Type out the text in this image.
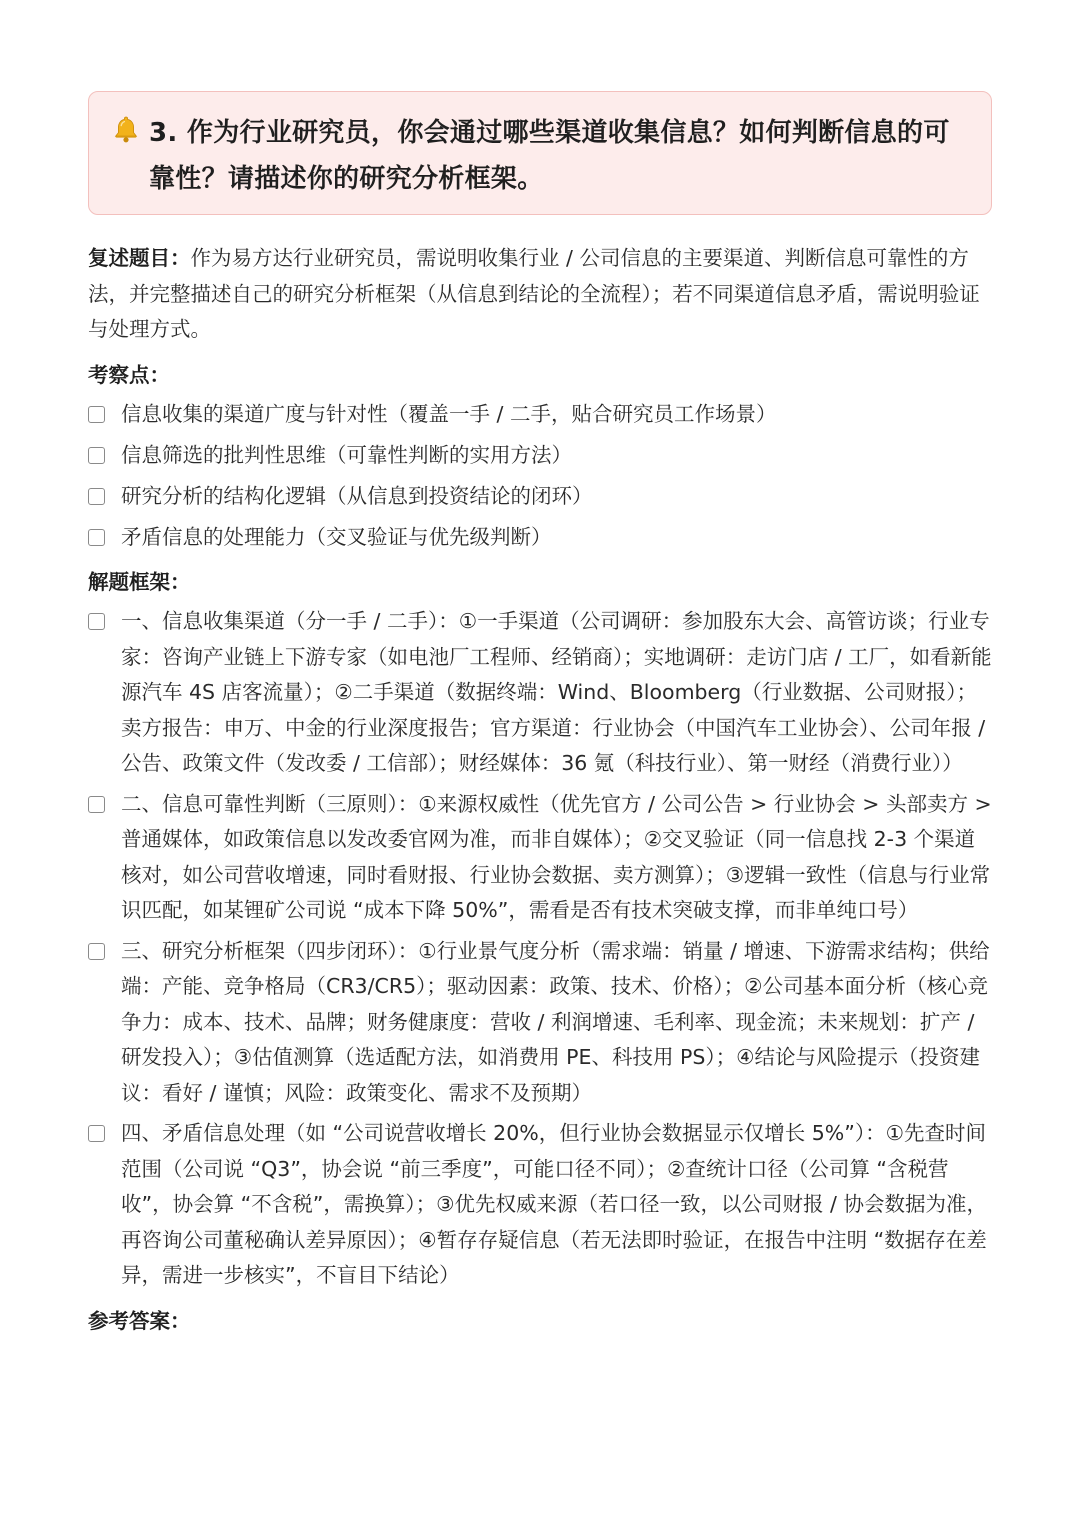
3. 作为行业研究员，你会通过哪些渠道收集信息？如何判断信息的可靠性？请描述你的研究分析框架。
复述题目：作为易方达行业研究员，需说明收集行业 / 公司信息的主要渠道、判断信息可靠性的方法，并完整描述自己的研究分析框架（从信息到结论的全流程）；若不同渠道信息矛盾，需说明验证与处理方式。
考察点：
信息收集的渠道广度与针对性（覆盖一手 / 二手，贴合研究员工作场景）
信息筛选的批判性思维（可靠性判断的实用方法）
研究分析的结构化逻辑（从信息到投资结论的闭环）
矛盾信息的处理能力（交叉验证与优先级判断）
解题框架：
一、信息收集渠道（分一手 / 二手）：①一手渠道（公司调研：参加股东大会、高管访谈；行业专家：咨询产业链上下游专家（如电池厂工程师、经销商）；实地调研：走访门店 / 工厂，如看新能源汽车 4S 店客流量）；②二手渠道（数据终端：Wind、Bloomberg（行业数据、公司财报）；卖方报告：申万、中金的行业深度报告；官方渠道：行业协会（中国汽车工业协会）、公司年报 / 公告、政策文件（发改委 / 工信部）；财经媒体：36 氪（科技行业）、第一财经（消费行业））
二、信息可靠性判断（三原则）：①来源权威性（优先官方 / 公司公告 > 行业协会 > 头部卖方 > 普通媒体，如政策信息以发改委官网为准，而非自媒体）；②交叉验证（同一信息找 2-3 个渠道核对，如公司营收增速，同时看财报、行业协会数据、卖方测算）；③逻辑一致性（信息与行业常识匹配，如某锂矿公司说 “成本下降 50%”，需看是否有技术突破支撑，而非单纯口号）
三、研究分析框架（四步闭环）：①行业景气度分析（需求端：销量 / 增速、下游需求结构；供给端：产能、竞争格局（CR3/CR5）；驱动因素：政策、技术、价格）；②公司基本面分析（核心竞争力：成本、技术、品牌；财务健康度：营收 / 利润增速、毛利率、现金流；未来规划：扩产 / 研发投入）；③估值测算（选适配方法，如消费用 PE、科技用 PS）；④结论与风险提示（投资建议：看好 / 谨慎；风险：政策变化、需求不及预期）
四、矛盾信息处理（如 “公司说营收增长 20%，但行业协会数据显示仅增长 5%”）：①先查时间范围（公司说 “Q3”，协会说 “前三季度”，可能口径不同）；②查统计口径（公司算 “含税营收”，协会算 “不含税”，需换算）；③优先权威来源（若口径一致，以公司财报 / 协会数据为准，再咨询公司董秘确认差异原因）；④暂存存疑信息（若无法即时验证，在报告中注明 “数据存在差异，需进一步核实”，不盲目下结论）
参考答案：
